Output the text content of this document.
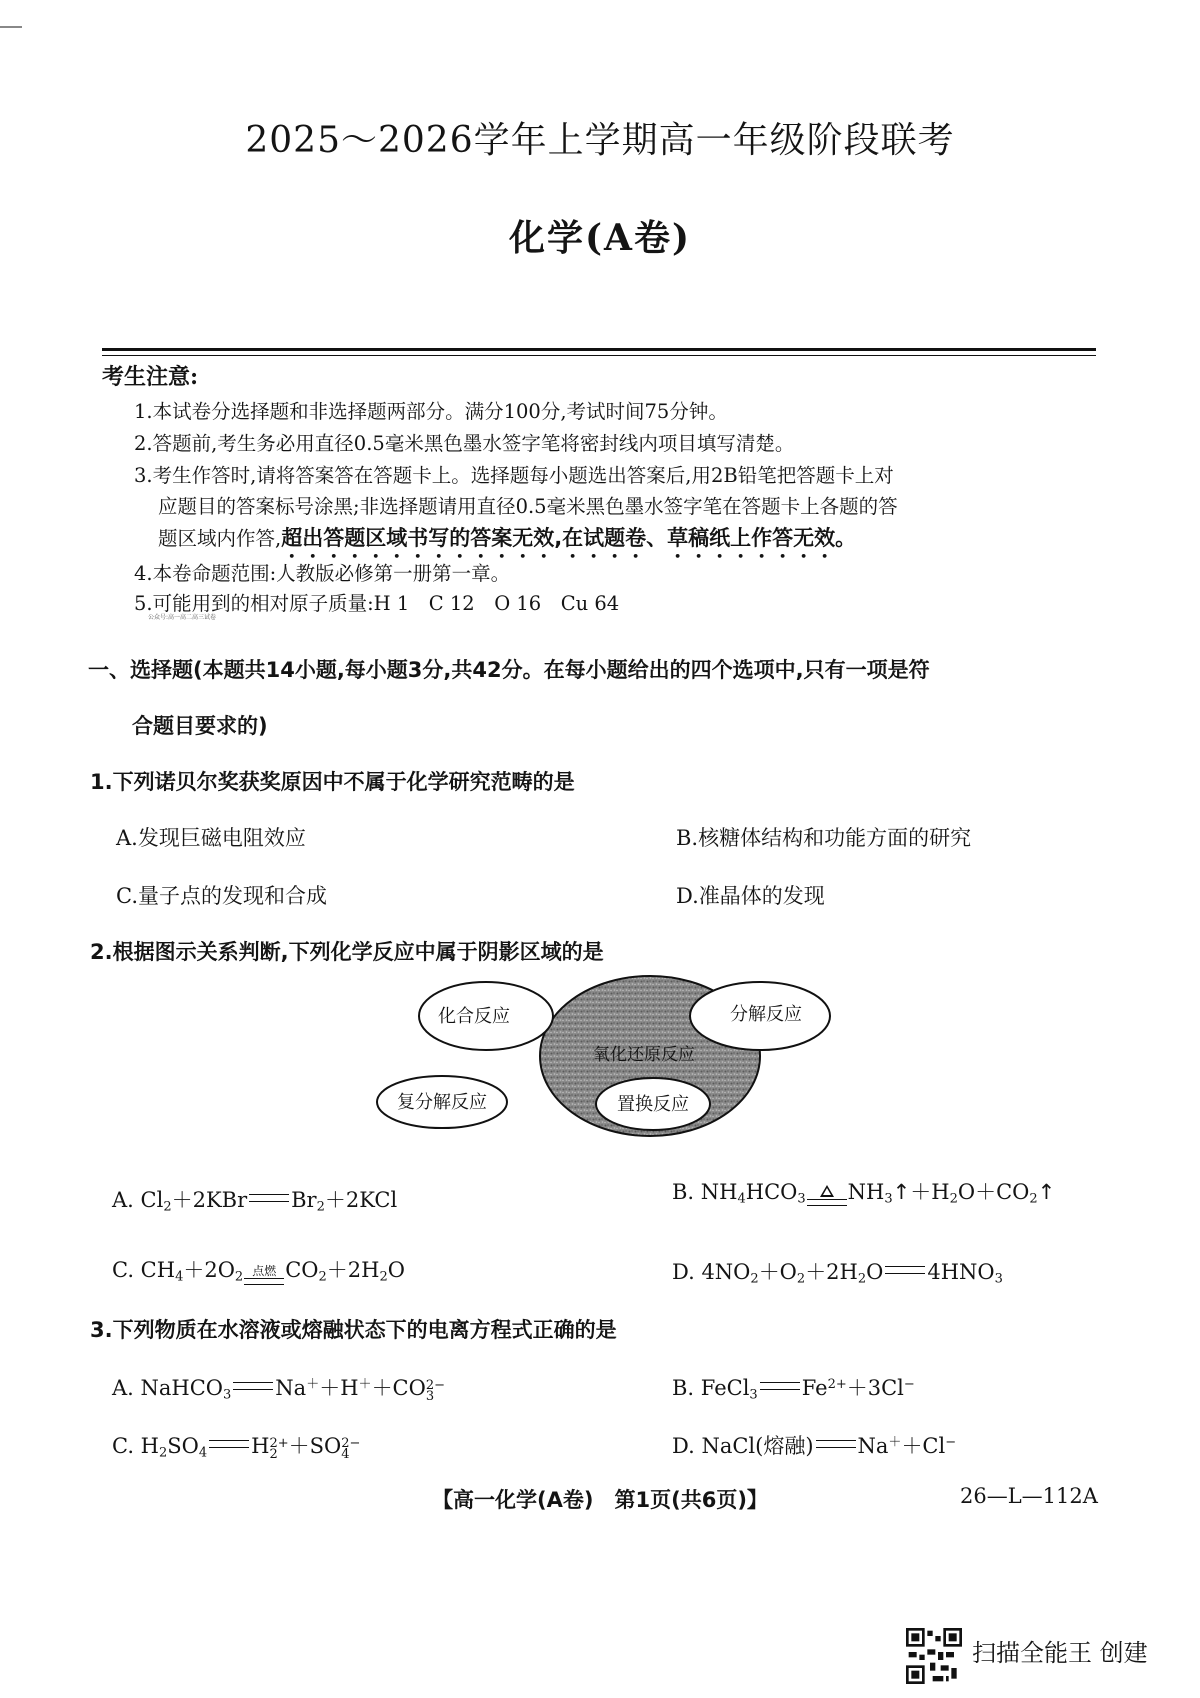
2025～2026学年上学期高一年级阶段联考
化学(A卷)
考生注意:
1.本试卷分选择题和非选择题两部分。满分100分,考试时间75分钟。
2.答题前,考生务必用直径0.5毫米黑色墨水签字笔将密封线内项目填写清楚。
3.考生作答时,请将答案答在答题卡上。选择题每小题选出答案后,用2B铅笔把答题卡上对
应题目的答案标号涂黑;非选择题请用直径0.5毫米黑色墨水签字笔在答题卡上各题的答
题区域内作答,超出答题区域书写的答案无效,在试题卷、草稿纸上作答无效。
4.本卷命题范围:人教版必修第一册第一章。
5.可能用到的相对原子质量:H 1　C 12　O 16　Cu 64
公众号:高一高二高三试卷
一、选择题(本题共14小题,每小题3分,共42分。在每小题给出的四个选项中,只有一项是符
合题目要求的)
1.下列诺贝尔奖获奖原因中不属于化学研究范畴的是
A.发现巨磁电阻效应	B.核糖体结构和功能方面的研究
C.量子点的发现和合成	D.准晶体的发现
2.根据图示关系判断,下列化学反应中属于阴影区域的是
化合反应	分解反应
氧化还原反应
置换反应
复分解反应
A. $Cl_2+2KBr$ $Br_2+2KCl$	B. $NH_4HCO_3$ $NH_3↑+H_2O+CO_2↑$
C. $CH_4+2O_2$ 点燃 $CO_2+2H_2O$	D. $4NO_2+O_2+2H_2O$ $4HNO_3$
3.下列物质在水溶液或熔融状态下的电离方程式正确的是
A. NaHCO$_3$ Na＋＋H＋＋CO2−
3	B. FeCl$_3$ $Fe^{2+}+3Cl^-$
C. $H_2SO_4$ H2+
2 ＋SO2−
4	D. NaCl(熔融) Na＋＋Cl−
【高一化学(A卷)　第1页(共6页)】	26—L—112A
扫描全能王 创建
